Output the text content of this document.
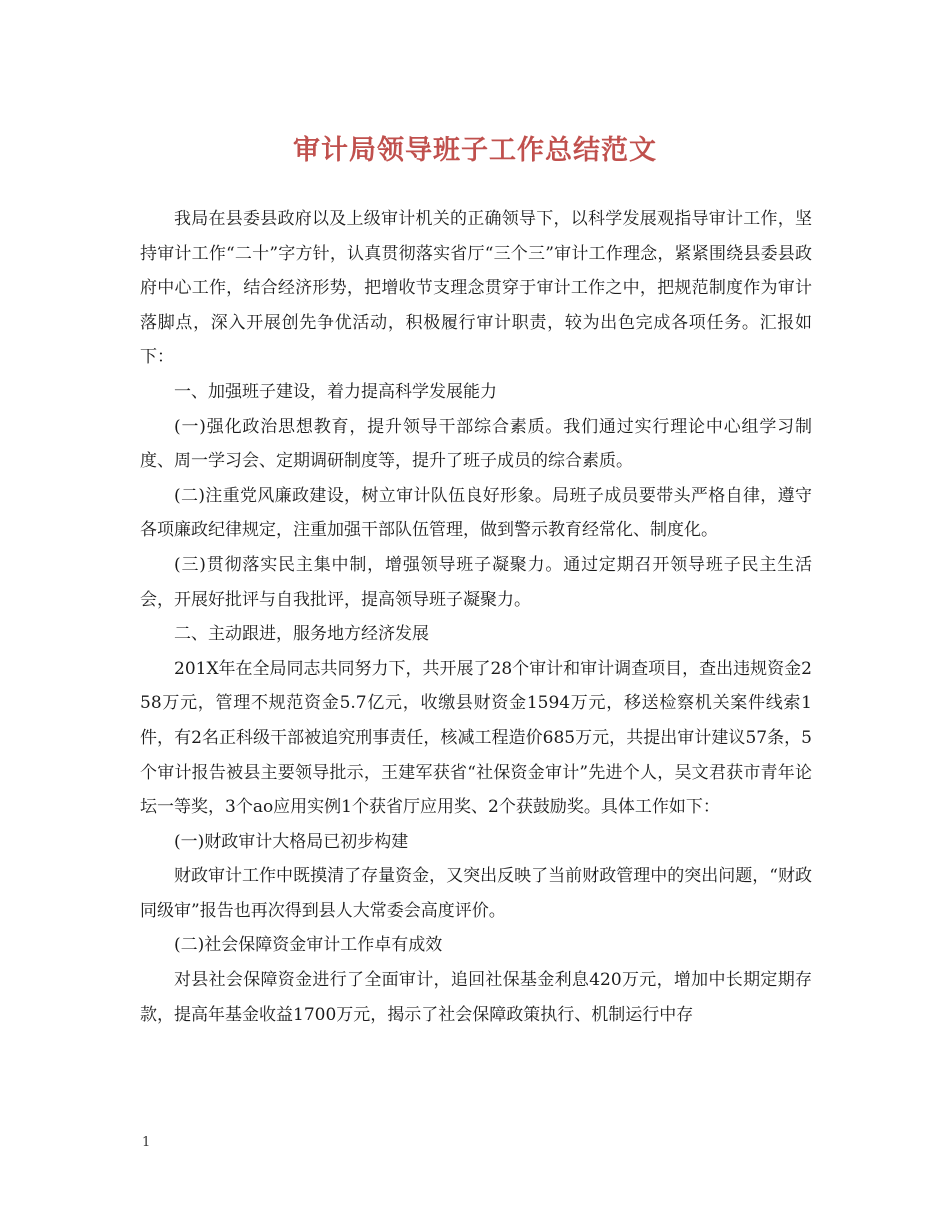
审计局领导班子工作总结范文

我局在县委县政府以及上级审计机关的正确领导下，以科学发展观指导审计工作，坚持审计工作“二十”字方针，认真贯彻落实省厅“三个三”审计工作理念，紧紧围绕县委县政府中心工作，结合经济形势，把增收节支理念贯穿于审计工作之中，把规范制度作为审计落脚点，深入开展创先争优活动，积极履行审计职责，较为出色完成各项任务。汇报如下：

一、加强班子建设，着力提高科学发展能力

(一)强化政治思想教育，提升领导干部综合素质。我们通过实行理论中心组学习制度、周一学习会、定期调研制度等，提升了班子成员的综合素质。

(二)注重党风廉政建设，树立审计队伍良好形象。局班子成员要带头严格自律，遵守各项廉政纪律规定，注重加强干部队伍管理，做到警示教育经常化、制度化。

(三)贯彻落实民主集中制，增强领导班子凝聚力。通过定期召开领导班子民主生活会，开展好批评与自我批评，提高领导班子凝聚力。

二、主动跟进，服务地方经济发展

201X年在全局同志共同努力下，共开展了28个审计和审计调查项目，查出违规资金258万元，管理不规范资金5.7亿元，收缴县财资金1594万元，移送检察机关案件线索1件，有2名正科级干部被追究刑事责任，核减工程造价685万元，共提出审计建议57条，5个审计报告被县主要领导批示，王建军获省“社保资金审计”先进个人，吴文君获市青年论坛一等奖，3个ao应用实例1个获省厅应用奖、2个获鼓励奖。具体工作如下：

(一)财政审计大格局已初步构建

财政审计工作中既摸清了存量资金，又突出反映了当前财政管理中的突出问题，“财政同级审”报告也再次得到县人大常委会高度评价。

(二)社会保障资金审计工作卓有成效

对县社会保障资金进行了全面审计，追回社保基金利息420万元，增加中长期定期存款，提高年基金收益1700万元，揭示了社会保障政策执行、机制运行中存

1
